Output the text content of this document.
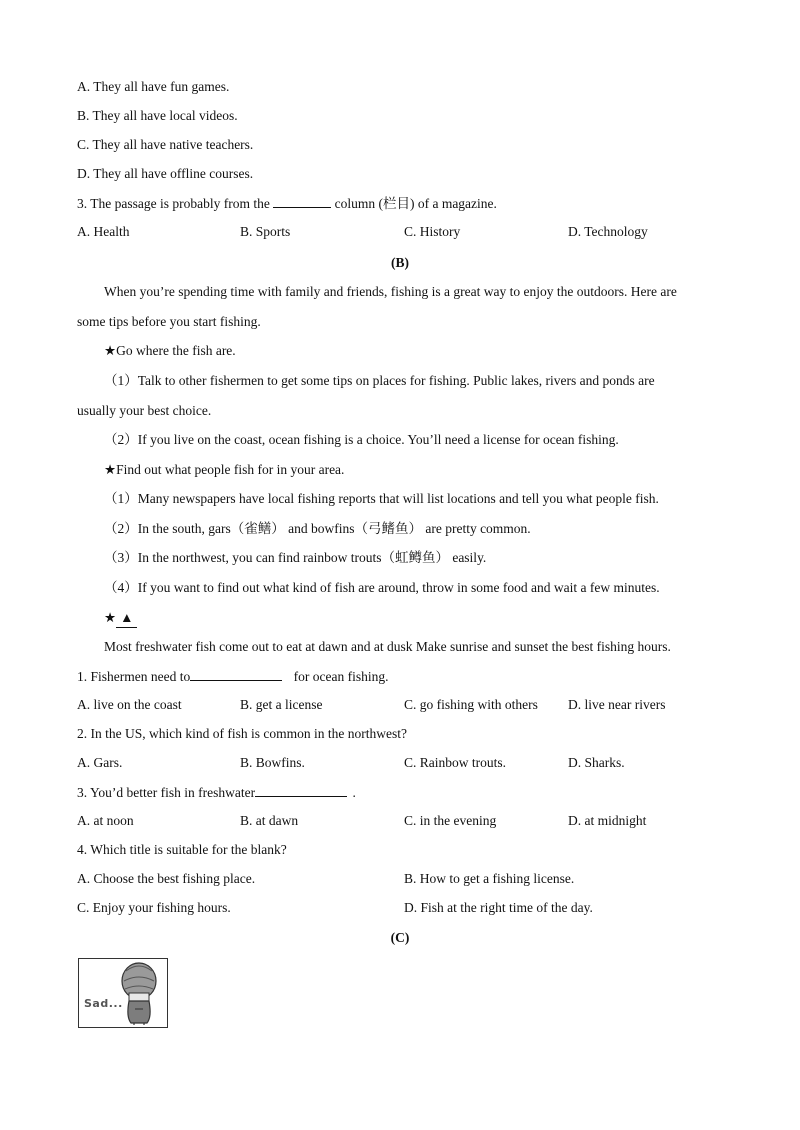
A. They all have fun games.
B. They all have local videos.
C. They all have native teachers.
D. They all have offline courses.
3. The passage is probably from the	column (栏目) of a magazine.
A. Health	B. Sports	C. History	D. Technology
(B)
When you’re spending time with family and friends, fishing is a great way to enjoy the outdoors. Here are
some tips before you start fishing.
★Go where the fish are.
（1）Talk to other fishermen to get some tips on places for fishing. Public lakes, rivers and ponds are
usually your best choice.
（2）If you live on the coast, ocean fishing is a choice. You’ll need a license for ocean fishing.
★Find out what people fish for in your area.
（1）Many newspapers have local fishing reports that will list locations and tell you what people fish.
（2）In the south, gars（雀鳝） and bowfins（弓鳍鱼） are pretty common.
（3）In the northwest, you can find rainbow trouts（虹鳟鱼） easily.
（4）If you want to find out what kind of fish are around, throw in some food and wait a few minutes.
★ ▲
Most freshwater fish come out to eat at dawn and at dusk Make sunrise and sunset the best fishing hours.
1. Fishermen need to	for ocean fishing.
A. live on the coast	B. get a license	C. go fishing with others D. live near rivers
2. In the US, which kind of fish is common in the northwest?
A. Gars.	B. Bowfins.	C. Rainbow trouts.	D. Sharks.
3. You’d better fish in freshwater	.
A. at noon	B. at dawn	C. in the evening	D. at midnight
4. Which title is suitable for the blank?
A. Choose the best fishing place.	B. How to get a fishing license.
C. Enjoy your fishing hours.	D. Fish at the right time of the day.
(C)
Sad...
